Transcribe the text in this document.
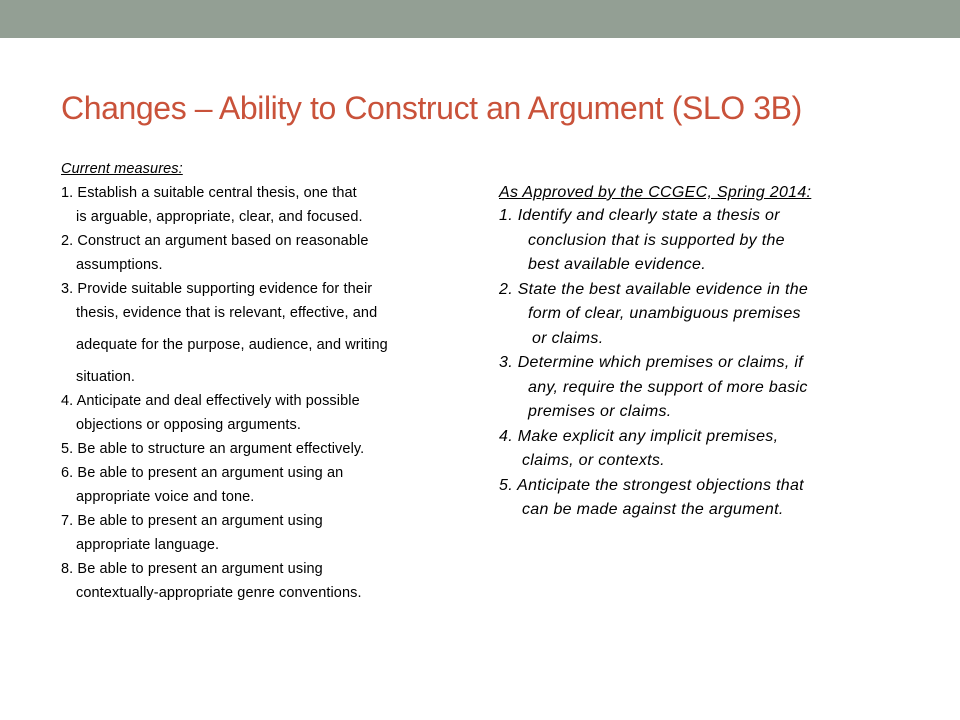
Changes – Ability to Construct an Argument (SLO 3B)
Current measures:
1. Establish a suitable central thesis, one that
is arguable, appropriate, clear, and focused.
2. Construct an argument based on reasonable
assumptions.
3. Provide suitable supporting evidence for their
thesis, evidence that is relevant, effective, and
adequate for the purpose, audience, and writing
situation.
4. Anticipate and deal effectively with possible
objections or opposing arguments.
5. Be able to structure an argument effectively.
6. Be able to present an argument using an
appropriate voice and tone.
7. Be able to present an argument using
appropriate language.
8. Be able to present an argument using
contextually-appropriate genre conventions.
As Approved by the CCGEC, Spring 2014:
1. Identify and clearly state a thesis or
conclusion that is supported by the
best available evidence.
2. State the best available evidence in the
form of clear, unambiguous premises
or claims.
3. Determine which premises or claims, if
any, require the support of more basic
premises or claims.
4. Make explicit any implicit premises,
claims, or contexts.
5. Anticipate the strongest objections that
can be made against the argument.
